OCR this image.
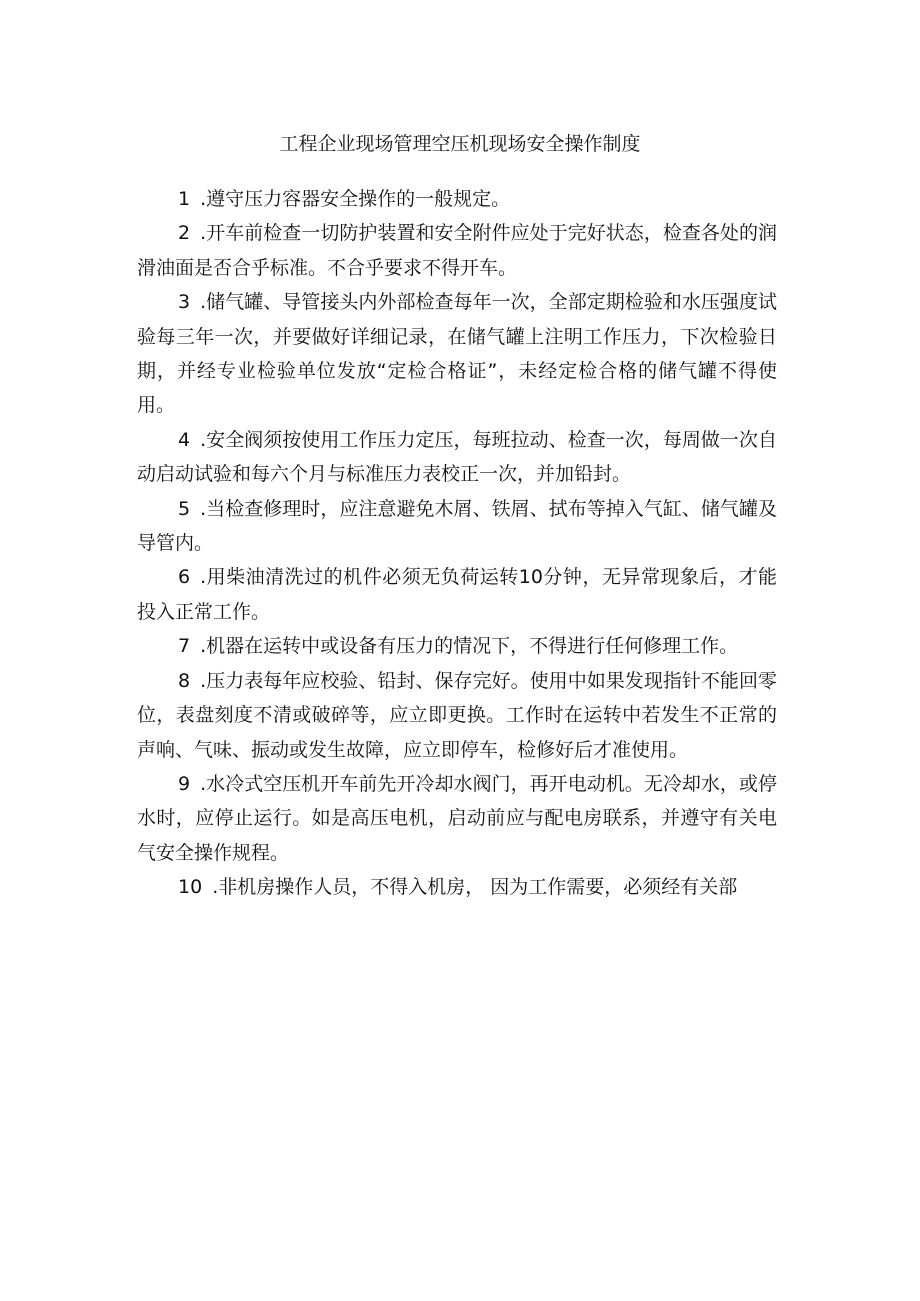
工程企业现场管理空压机现场安全操作制度

1 .遵守压力容器安全操作的一般规定。

2 .开车前检查一切防护装置和安全附件应处于完好状态，检查各处的润滑油面是否合乎标准。不合乎要求不得开车。

3 .储气罐、导管接头内外部检查每年一次，全部定期检验和水压强度试验每三年一次，并要做好详细记录，在储气罐上注明工作压力，下次检验日期，并经专业检验单位发放“定检合格证”，未经定检合格的储气罐不得使用。

4 .安全阀须按使用工作压力定压，每班拉动、检查一次，每周做一次自动启动试验和每六个月与标准压力表校正一次，并加铅封。

5 .当检查修理时，应注意避免木屑、铁屑、拭布等掉入气缸、储气罐及导管内。

6 .用柴油清洗过的机件必须无负荷运转10分钟，无异常现象后，才能投入正常工作。

7 .机器在运转中或设备有压力的情况下，不得进行任何修理工作。

8 .压力表每年应校验、铅封、保存完好。使用中如果发现指针不能回零位，表盘刻度不清或破碎等，应立即更换。工作时在运转中若发生不正常的声响、气味、振动或发生故障，应立即停车，检修好后才准使用。

9 .水冷式空压机开车前先开冷却水阀门，再开电动机。无冷却水，或停水时，应停止运行。如是高压电机，启动前应与配电房联系，并遵守有关电气安全操作规程。

10 .非机房操作人员，不得入机房， 因为工作需要，必须经有关部
